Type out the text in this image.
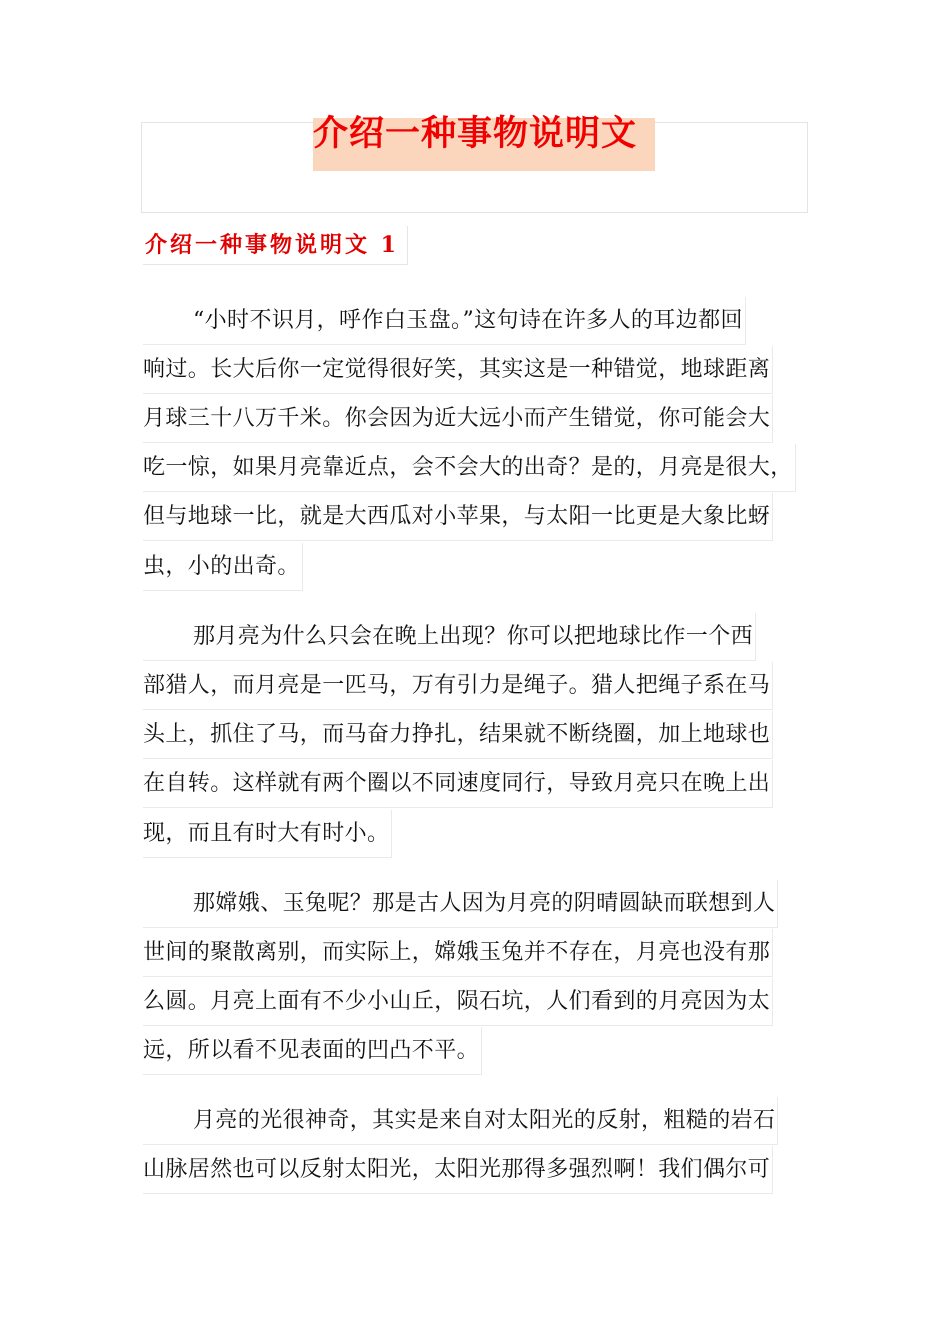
介绍一种事物说明文
介绍一种事物说明文 1
“小时不识月，呼作白玉盘。”这句诗在许多人的耳边都回
响过。长大后你一定觉得很好笑，其实这是一种错觉，地球距离
月球三十八万千米。你会因为近大远小而产生错觉，你可能会大
吃一惊，如果月亮靠近点，会不会大的出奇？是的，月亮是很大，
但与地球一比，就是大西瓜对小苹果，与太阳一比更是大象比蚜
虫，小的出奇。
那月亮为什么只会在晚上出现？你可以把地球比作一个西
部猎人，而月亮是一匹马，万有引力是绳子。猎人把绳子系在马
头上，抓住了马，而马奋力挣扎，结果就不断绕圈，加上地球也
在自转。这样就有两个圈以不同速度同行，导致月亮只在晚上出
现，而且有时大有时小。
那嫦娥、玉兔呢？那是古人因为月亮的阴晴圆缺而联想到人
世间的聚散离别，而实际上，嫦娥玉兔并不存在，月亮也没有那
么圆。月亮上面有不少小山丘，陨石坑，人们看到的月亮因为太
远，所以看不见表面的凹凸不平。
月亮的光很神奇，其实是来自对太阳光的反射，粗糙的岩石
山脉居然也可以反射太阳光，太阳光那得多强烈啊！我们偶尔可
